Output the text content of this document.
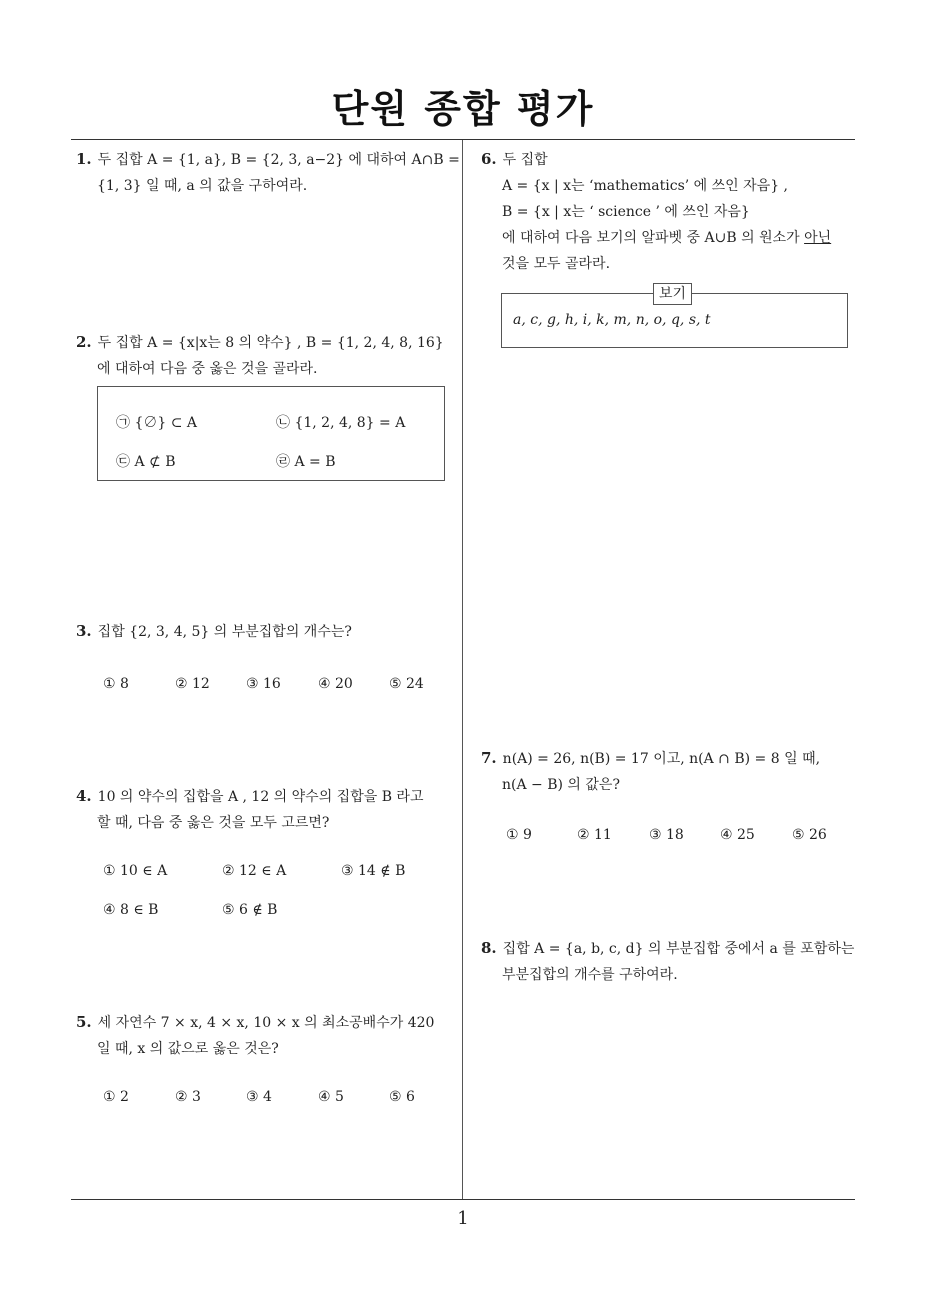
단원 종합 평가
1
1. 두 집합 A = {1, a}, B = {2, 3, a−2} 에 대하여 A∩B =
{1, 3} 일 때, a 의 값을 구하여라.
2. 두 집합 A = {x|x는 8 의 약수} , B = {1, 2, 4, 8, 16}
에 대하여 다음 중 옳은 것을 골라라.
㉠ {∅} ⊂ A	㉡ {1, 2, 4, 8} = A
㉢ A ⊄ B	㉣ A = B
3. 집합 {2, 3, 4, 5} 의 부분집합의 개수는?
① 8	② 12	③ 16	④ 20	⑤ 24
4. 10 의 약수의 집합을 A , 12 의 약수의 집합을 B 라고
할 때, 다음 중 옳은 것을 모두 고르면?
① 10 ∈ A	② 12 ∈ A	③ 14 ∉ B
④ 8 ∈ B	⑤ 6 ∉ B
5. 세 자연수 7 × x, 4 × x, 10 × x 의 최소공배수가 420
일 때, x 의 값으로 옳은 것은?
① 2	② 3	③ 4	④ 5	⑤ 6
6. 두 집합
A = {x | x는 ‘mathematics’ 에 쓰인 자음} ,
B = {x | x는 ‘ science ’ 에 쓰인 자음}
에 대하여 다음 보기의 알파벳 중 A∪B 의 원소가 아닌
것을 모두 골라라.
보기
a, c, g, h, i, k, m, n, o, q, s, t
7. n(A) = 26, n(B) = 17 이고, n(A ∩ B) = 8 일 때,
n(A − B) 의 값은?
① 9	② 11	③ 18	④ 25	⑤ 26
8. 집합 A = {a, b, c, d} 의 부분집합 중에서 a 를 포함하는
부분집합의 개수를 구하여라.
